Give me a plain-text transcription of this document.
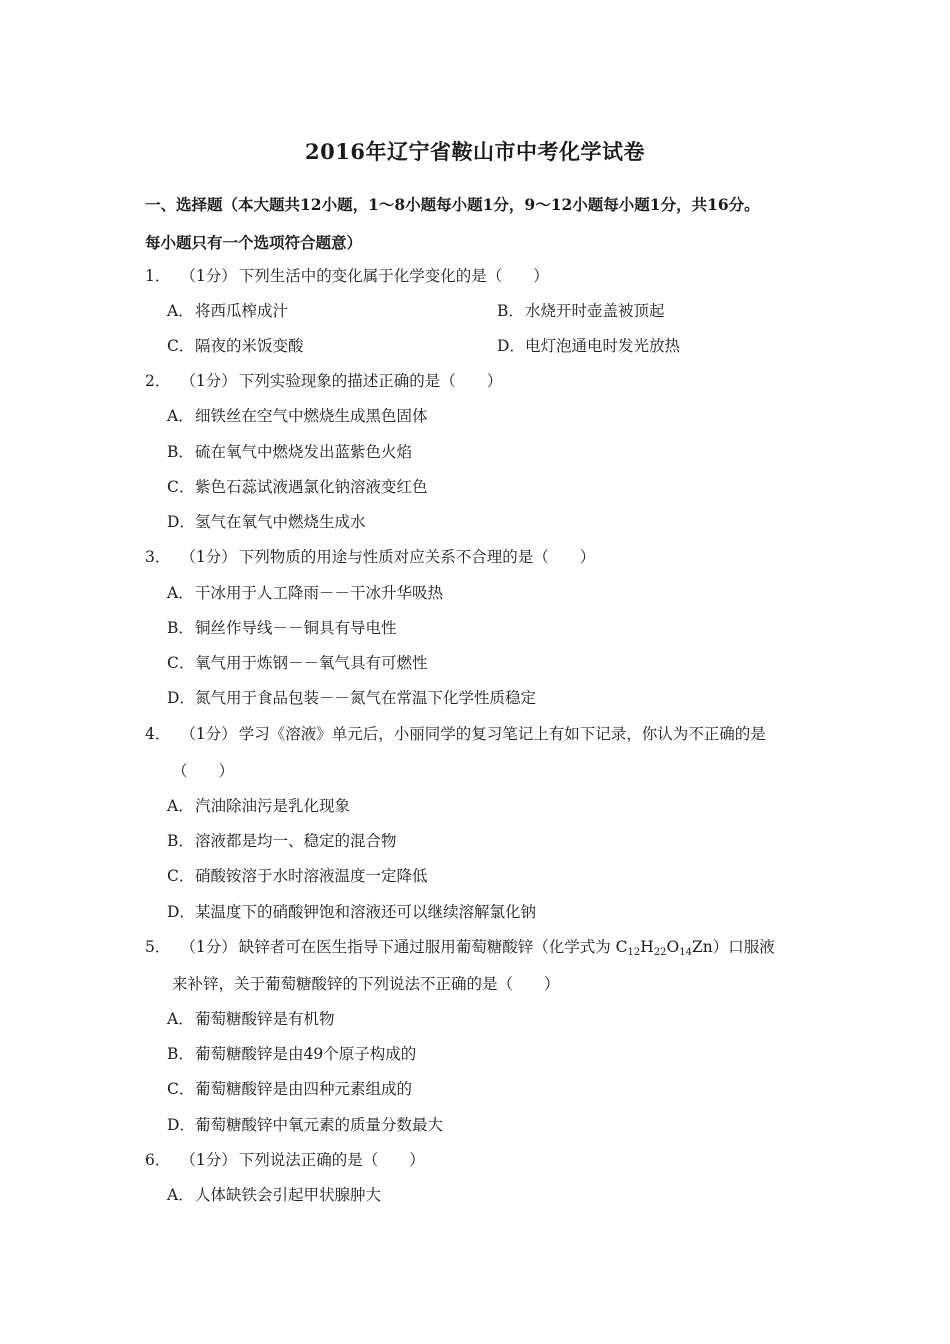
2016年辽宁省鞍山市中考化学试卷
一、选择题（本大题共12小题，1～8小题每小题1分，9～12小题每小题1分，共16分。
每小题只有一个选项符合题意）
1． （1分） 下列生活中的变化属于化学变化的是（　　）
A．将西瓜榨成汁	B．水烧开时壶盖被顶起
C．隔夜的米饭变酸	D．电灯泡通电时发光放热
2． （1分） 下列实验现象的描述正确的是（　　）
A．细铁丝在空气中燃烧生成黑色固体
B．硫在氧气中燃烧发出蓝紫色火焰
C．紫色石蕊试液遇氯化钠溶液变红色
D．氢气在氧气中燃烧生成水
3． （1分） 下列物质的用途与性质对应关系不合理的是（　　）
A．干冰用于人工降雨－－干冰升华吸热
B．铜丝作导线－－铜具有导电性
C．氧气用于炼钢－－氧气具有可燃性
D．氮气用于食品包装－－氮气在常温下化学性质稳定
4． （1分） 学习《溶液》单元后，小丽同学的复习笔记上有如下记录，你认为不正确的是
（　　）
A．汽油除油污是乳化现象
B．溶液都是均一、稳定的混合物
C．硝酸铵溶于水时溶液温度一定降低
D．某温度下的硝酸钾饱和溶液还可以继续溶解氯化钠
5． （1分） 缺锌者可在医生指导下通过服用葡萄糖酸锌（化学式为 $C_{12}H_{22}O_{14}Zn$）口服液
来补锌，关于葡萄糖酸锌的下列说法不正确的是（　　）
A．葡萄糖酸锌是有机物
B．葡萄糖酸锌是由49个原子构成的
C．葡萄糖酸锌是由四种元素组成的
D．葡萄糖酸锌中氧元素的质量分数最大
6． （1分） 下列说法正确的是（　　）
A．人体缺铁会引起甲状腺肿大
